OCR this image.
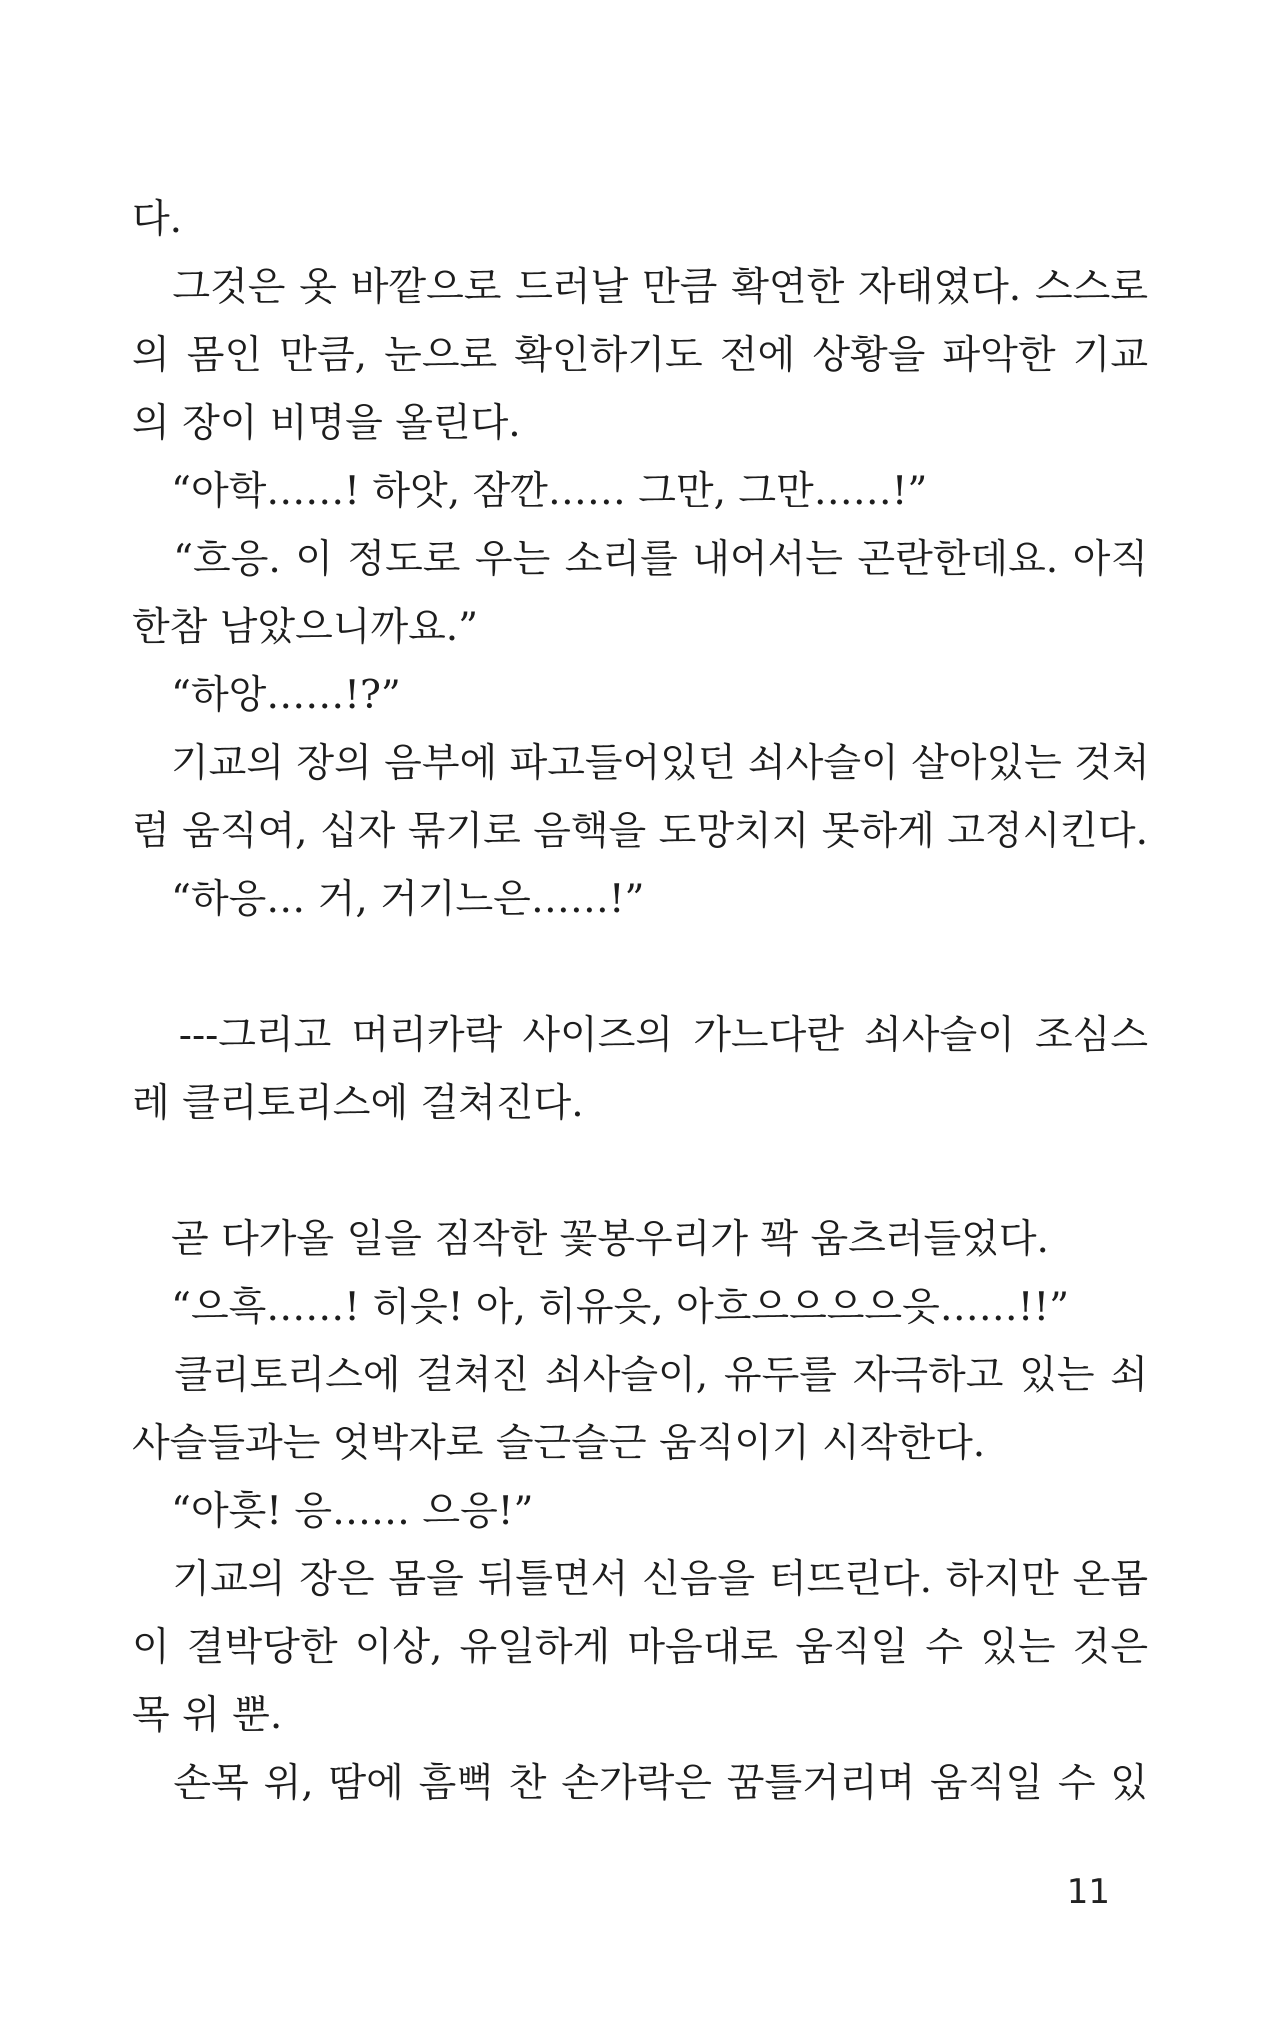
다.
　그것은 옷 바깥으로 드러날 만큼 확연한 자태였다. 스스로
의 몸인 만큼, 눈으로 확인하기도 전에 상황을 파악한 기교
의 장이 비명을 올린다.
　“아학……! 하앗, 잠깐…… 그만, 그만……!”
　“흐응. 이 정도로 우는 소리를 내어서는 곤란한데요. 아직
한참 남았으니까요.”
　“하앙……!?”
　기교의 장의 음부에 파고들어있던 쇠사슬이 살아있는 것처
럼 움직여, 십자 묶기로 음핵을 도망치지 못하게 고정시킨다.
　“하응… 거, 거기느은……!”
　---그리고 머리카락 사이즈의 가느다란 쇠사슬이 조심스
레 클리토리스에 걸쳐진다.
　곧 다가올 일을 짐작한 꽃봉우리가 꽉 움츠러들었다.
　“으흑……! 히읏! 아, 히유읏, 아흐으으으으읏……!!”
　클리토리스에 걸쳐진 쇠사슬이, 유두를 자극하고 있는 쇠
사슬들과는 엇박자로 슬근슬근 움직이기 시작한다.
　“아흣! 응…… 으응!”
　기교의 장은 몸을 뒤틀면서 신음을 터뜨린다. 하지만 온몸
이 결박당한 이상, 유일하게 마음대로 움직일 수 있는 것은
목 위 뿐.
　손목 위, 땀에 흠뻑 찬 손가락은 꿈틀거리며 움직일 수 있
11
